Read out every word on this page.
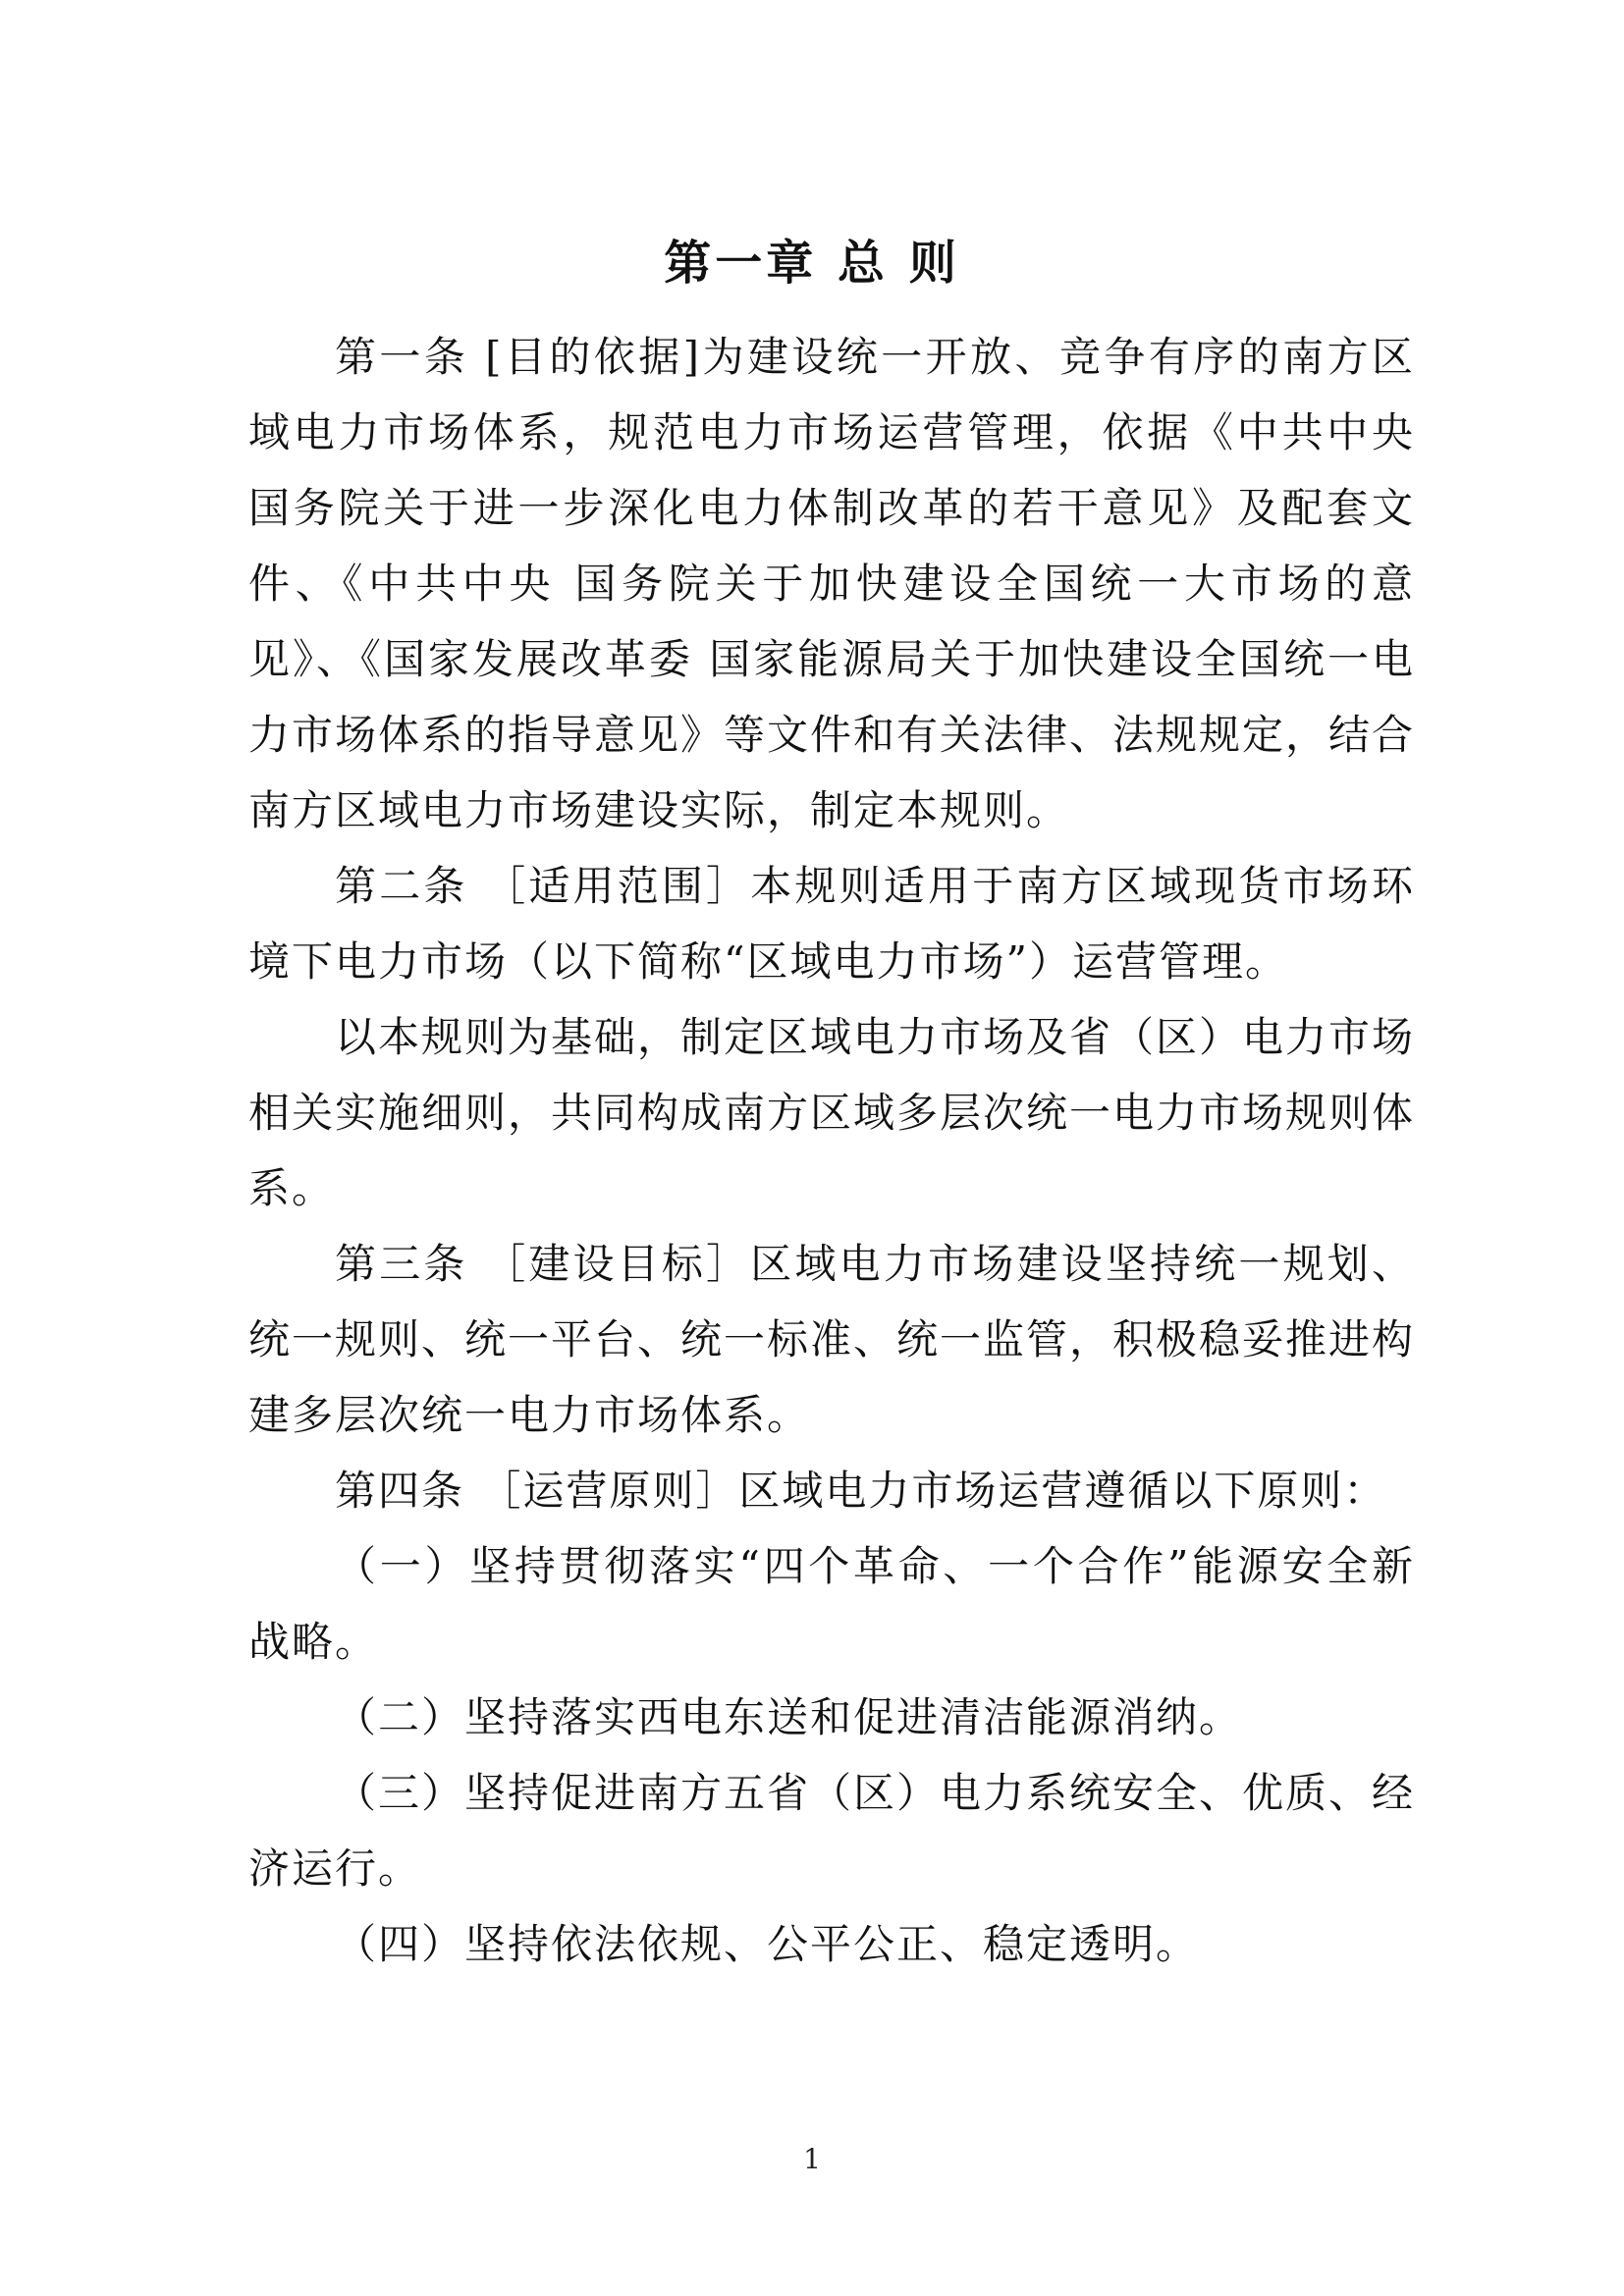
第一章 总 则

第一条 [目的依据]为建设统一开放、竞争有序的南方区域电力市场体系，规范电力市场运营管理，依据《中共中央 国务院关于进一步深化电力体制改革的若干意见》及配套文件、《中共中央 国务院关于加快建设全国统一大市场的意见》、《国家发展改革委 国家能源局关于加快建设全国统一电力市场体系的指导意见》等文件和有关法律、法规规定，结合南方区域电力市场建设实际，制定本规则。

第二条 ［适用范围］本规则适用于南方区域现货市场环境下电力市场（以下简称“区域电力市场”）运营管理。

以本规则为基础，制定区域电力市场及省（区）电力市场相关实施细则，共同构成南方区域多层次统一电力市场规则体系。

第三条 ［建设目标］区域电力市场建设坚持统一规划、统一规则、统一平台、统一标准、统一监管，积极稳妥推进构建多层次统一电力市场体系。

第四条 ［运营原则］区域电力市场运营遵循以下原则：

（一）坚持贯彻落实“四个革命、一个合作”能源安全新战略。

（二）坚持落实西电东送和促进清洁能源消纳。

（三）坚持促进南方五省（区）电力系统安全、优质、经济运行。

（四）坚持依法依规、公平公正、稳定透明。

1
